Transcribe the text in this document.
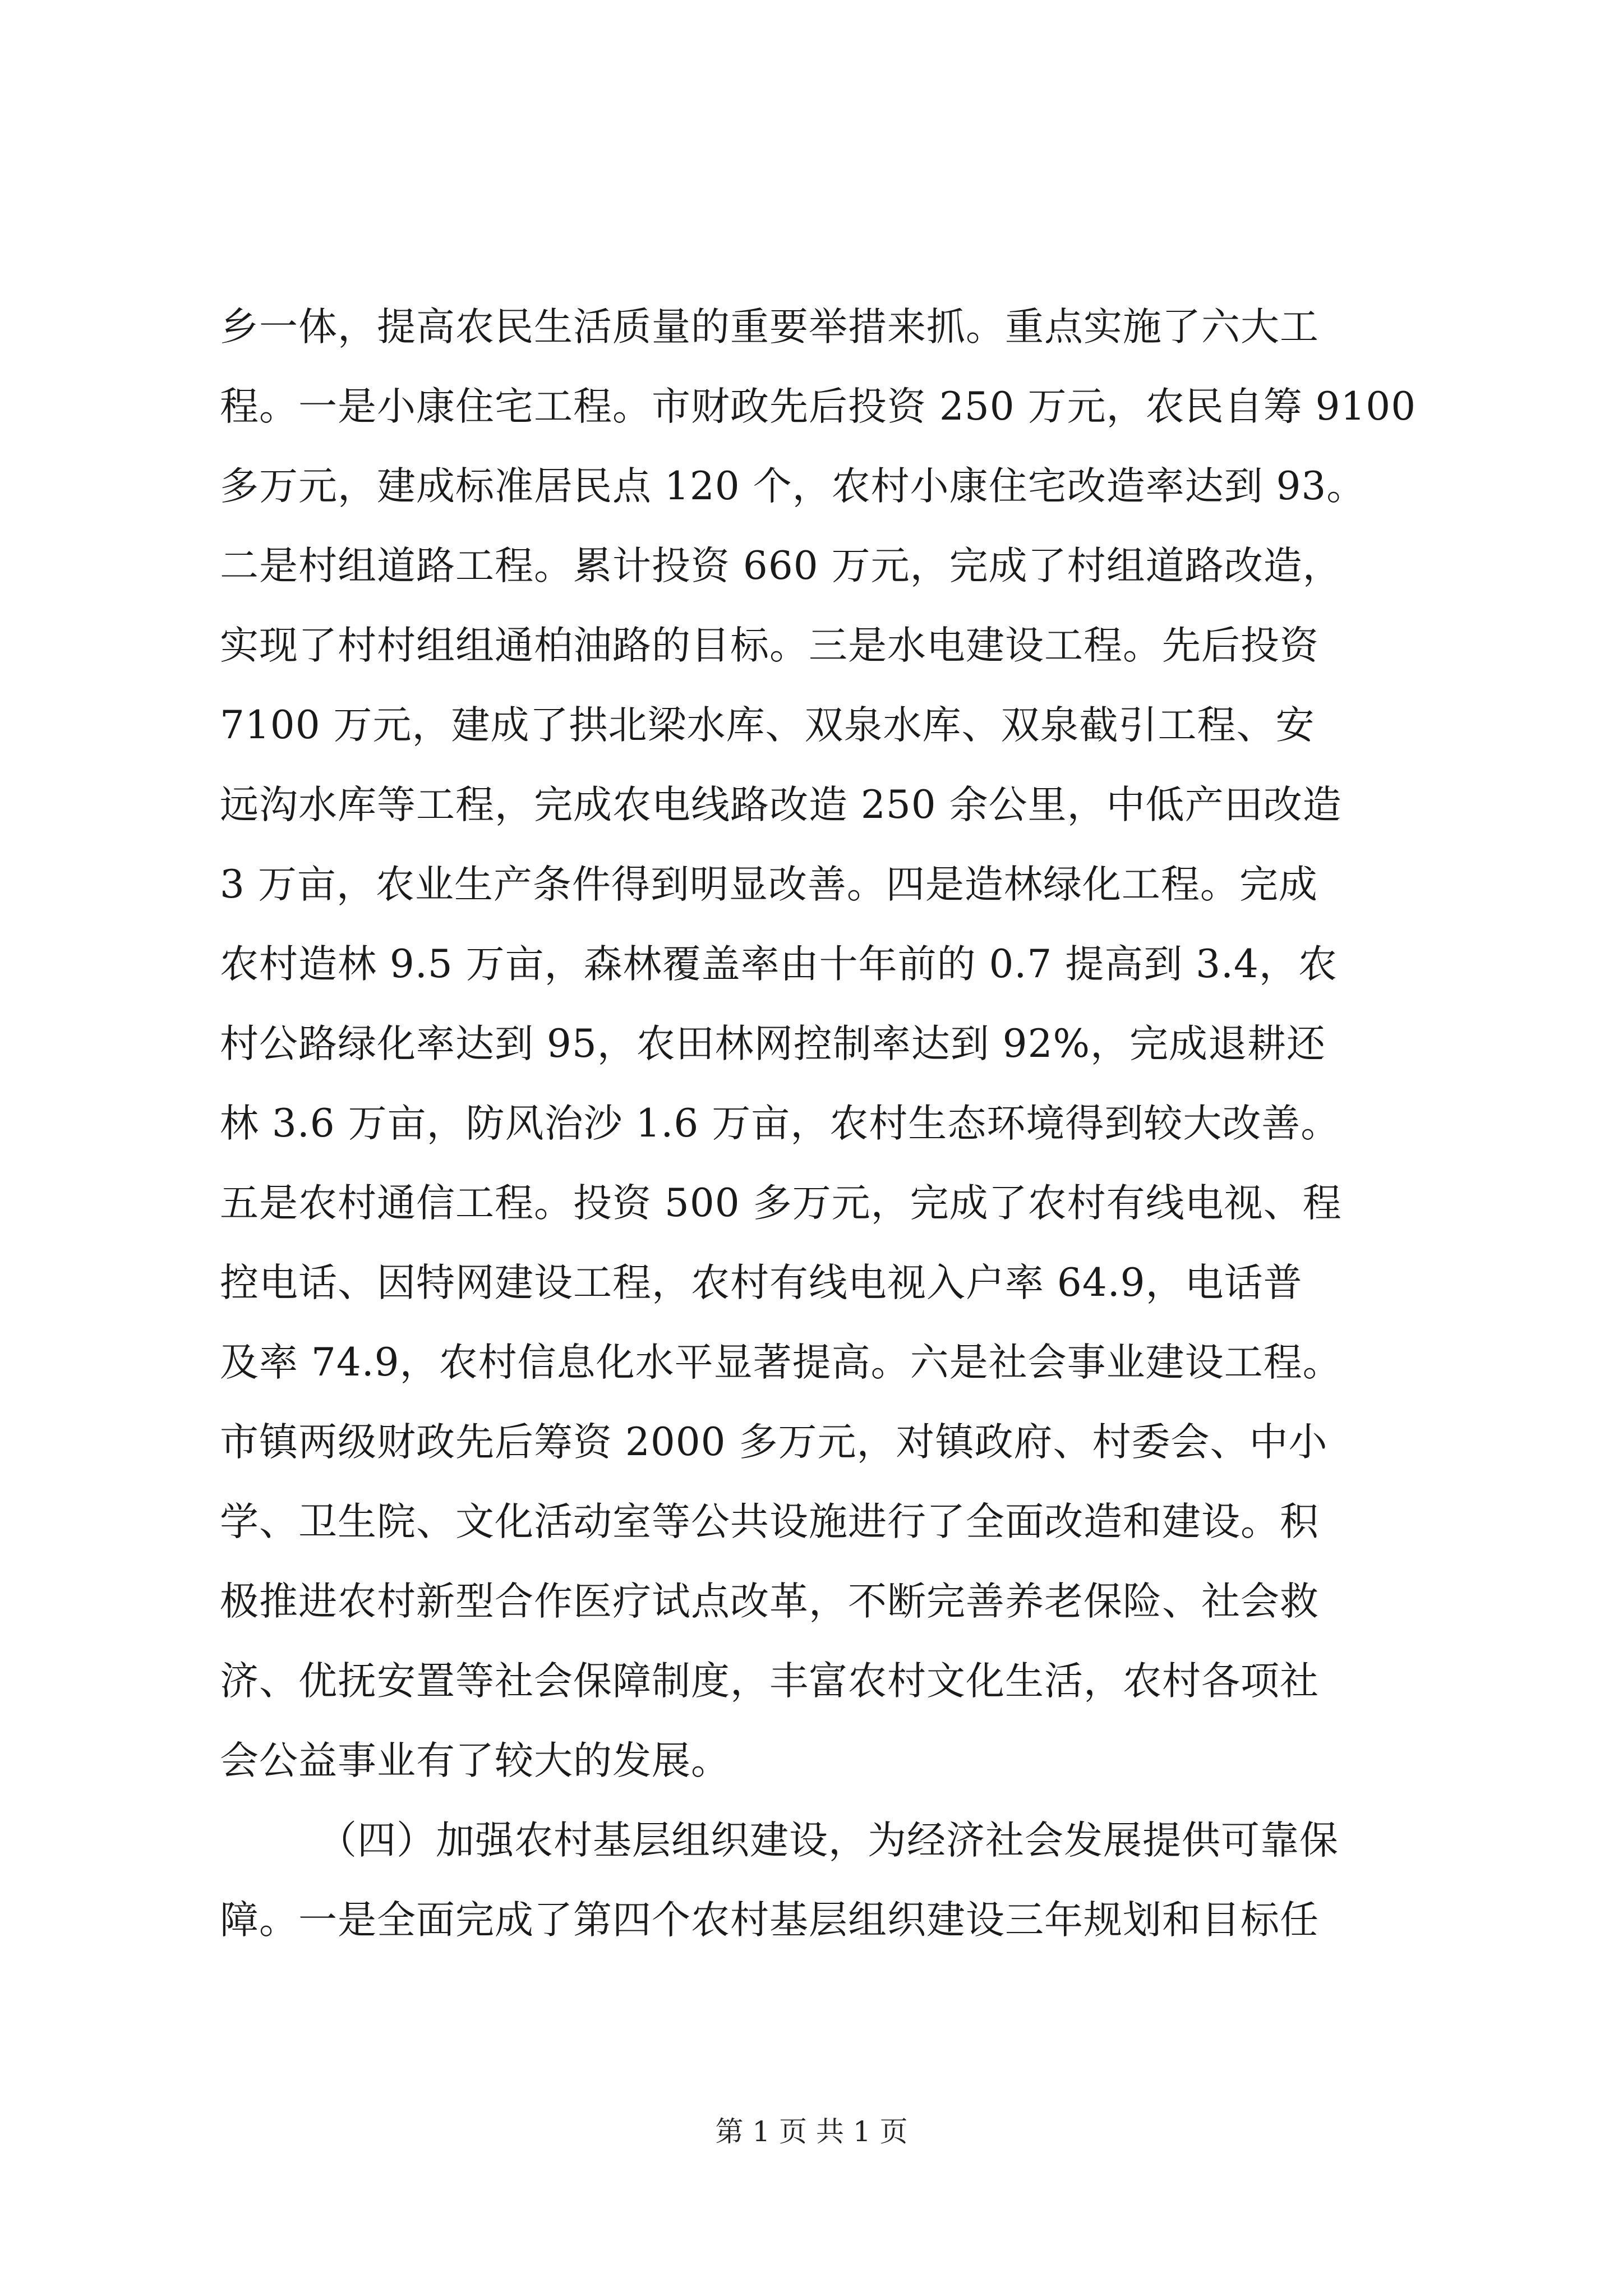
乡一体，提高农民生活质量的重要举措来抓。重点实施了六大工
程。一是小康住宅工程。市财政先后投资 250 万元，农民自筹 9100
多万元，建成标准居民点 120 个，农村小康住宅改造率达到 93。
二是村组道路工程。累计投资 660 万元，完成了村组道路改造，
实现了村村组组通柏油路的目标。三是水电建设工程。先后投资
7100 万元，建成了拱北梁水库、双泉水库、双泉截引工程、安
远沟水库等工程，完成农电线路改造 250 余公里，中低产田改造
3 万亩，农业生产条件得到明显改善。四是造林绿化工程。完成
农村造林 9.5 万亩，森林覆盖率由十年前的 0.7 提高到 3.4，农
村公路绿化率达到 95，农田林网控制率达到 92%，完成退耕还
林 3.6 万亩，防风治沙 1.6 万亩，农村生态环境得到较大改善。
五是农村通信工程。投资 500 多万元，完成了农村有线电视、程
控电话、因特网建设工程，农村有线电视入户率 64.9，电话普
及率 74.9，农村信息化水平显著提高。六是社会事业建设工程。
市镇两级财政先后筹资 2000 多万元，对镇政府、村委会、中小
学、卫生院、文化活动室等公共设施进行了全面改造和建设。积
极推进农村新型合作医疗试点改革，不断完善养老保险、社会救
济、优抚安置等社会保障制度，丰富农村文化生活，农村各项社
会公益事业有了较大的发展。
（四）加强农村基层组织建设，为经济社会发展提供可靠保
障。一是全面完成了第四个农村基层组织建设三年规划和目标任
第 1 页 共 1 页
